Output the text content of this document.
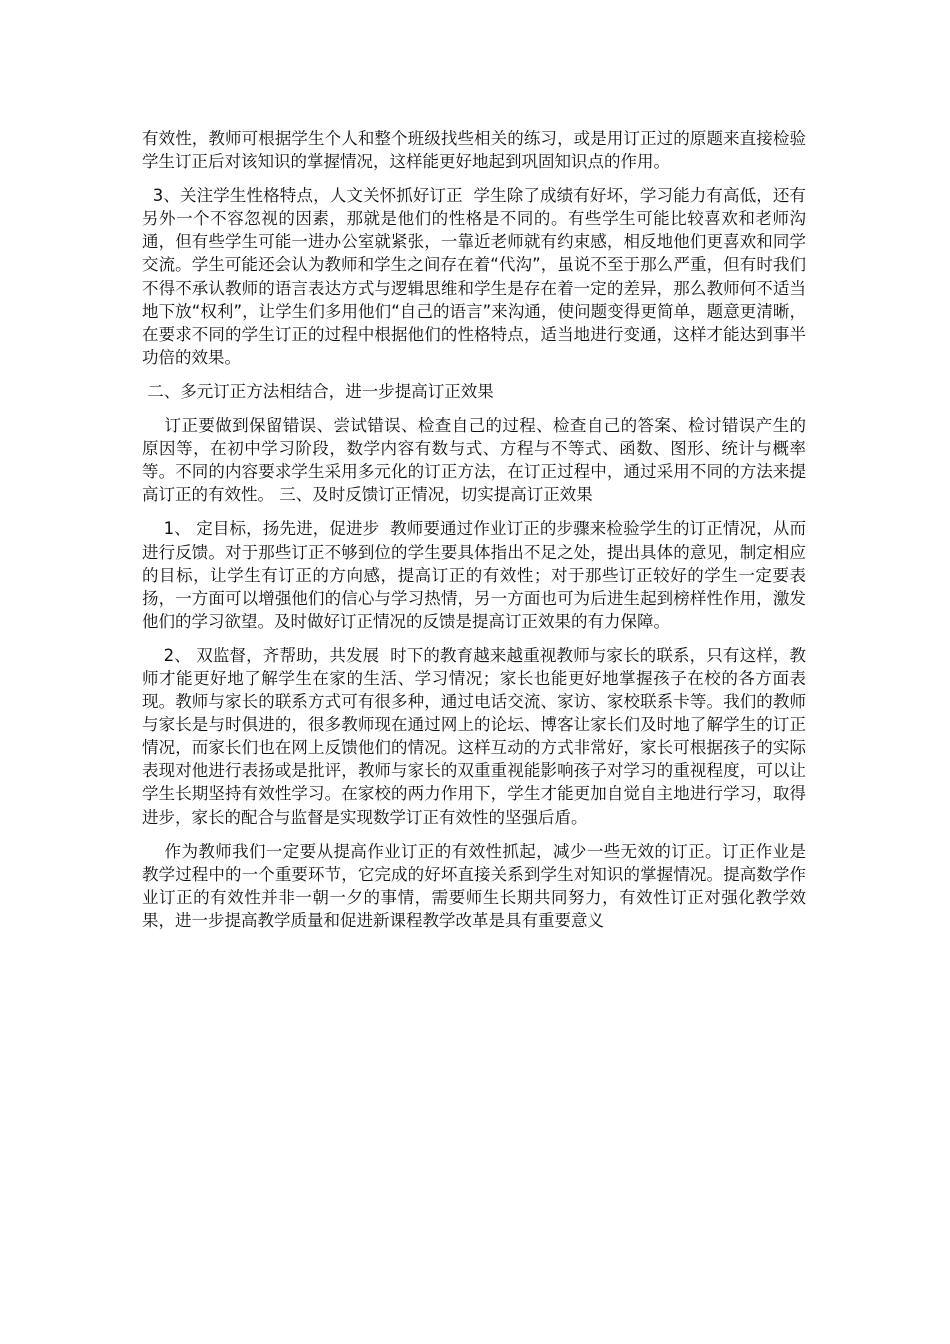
有效性，教师可根据学生个人和整个班级找些相关的练习，或是用订正过的原题来直接检验学生订正后对该知识的掌握情况，这样能更好地起到巩固知识点的作用。

3、关注学生性格特点，人文关怀抓好订正  学生除了成绩有好坏，学习能力有高低，还有另外一个不容忽视的因素，那就是他们的性格是不同的。有些学生可能比较喜欢和老师沟通，但有些学生可能一进办公室就紧张，一靠近老师就有约束感，相反地他们更喜欢和同学交流。学生可能还会认为教师和学生之间存在着“代沟”，虽说不至于那么严重，但有时我们不得不承认教师的语言表达方式与逻辑思维和学生是存在着一定的差异，那么教师何不适当地下放“权利”，让学生们多用他们“自己的语言”来沟通，使问题变得更简单，题意更清晰，在要求不同的学生订正的过程中根据他们的性格特点，适当地进行变通，这样才能达到事半功倍的效果。

二、多元订正方法相结合，进一步提高订正效果

订正要做到保留错误、尝试错误、检查自己的过程、检查自己的答案、检讨错误产生的原因等，在初中学习阶段，数学内容有数与式、方程与不等式、函数、图形、统计与概率等。不同的内容要求学生采用多元化的订正方法，在订正过程中，通过采用不同的方法来提高订正的有效性。 三、及时反馈订正情况，切实提高订正效果

1、 定目标，扬先进，促进步  教师要通过作业订正的步骤来检验学生的订正情况，从而进行反馈。对于那些订正不够到位的学生要具体指出不足之处，提出具体的意见，制定相应的目标，让学生有订正的方向感，提高订正的有效性；对于那些订正较好的学生一定要表扬，一方面可以增强他们的信心与学习热情，另一方面也可为后进生起到榜样性作用，激发他们的学习欲望。及时做好订正情况的反馈是提高订正效果的有力保障。

2、 双监督，齐帮助，共发展  时下的教育越来越重视教师与家长的联系，只有这样，教师才能更好地了解学生在家的生活、学习情况；家长也能更好地掌握孩子在校的各方面表现。教师与家长的联系方式可有很多种，通过电话交流、家访、家校联系卡等。我们的教师与家长是与时俱进的，很多教师现在通过网上的论坛、博客让家长们及时地了解学生的订正情况，而家长们也在网上反馈他们的情况。这样互动的方式非常好，家长可根据孩子的实际表现对他进行表扬或是批评，教师与家长的双重重视能影响孩子对学习的重视程度，可以让学生长期坚持有效性学习。在家校的两力作用下，学生才能更加自觉自主地进行学习，取得进步，家长的配合与监督是实现数学订正有效性的坚强后盾。

作为教师我们一定要从提高作业订正的有效性抓起，减少一些无效的订正。订正作业是教学过程中的一个重要环节，它完成的好坏直接关系到学生对知识的掌握情况。提高数学作业订正的有效性并非一朝一夕的事情，需要师生长期共同努力，有效性订正对强化教学效果，进一步提高教学质量和促进新课程教学改革是具有重要意义
